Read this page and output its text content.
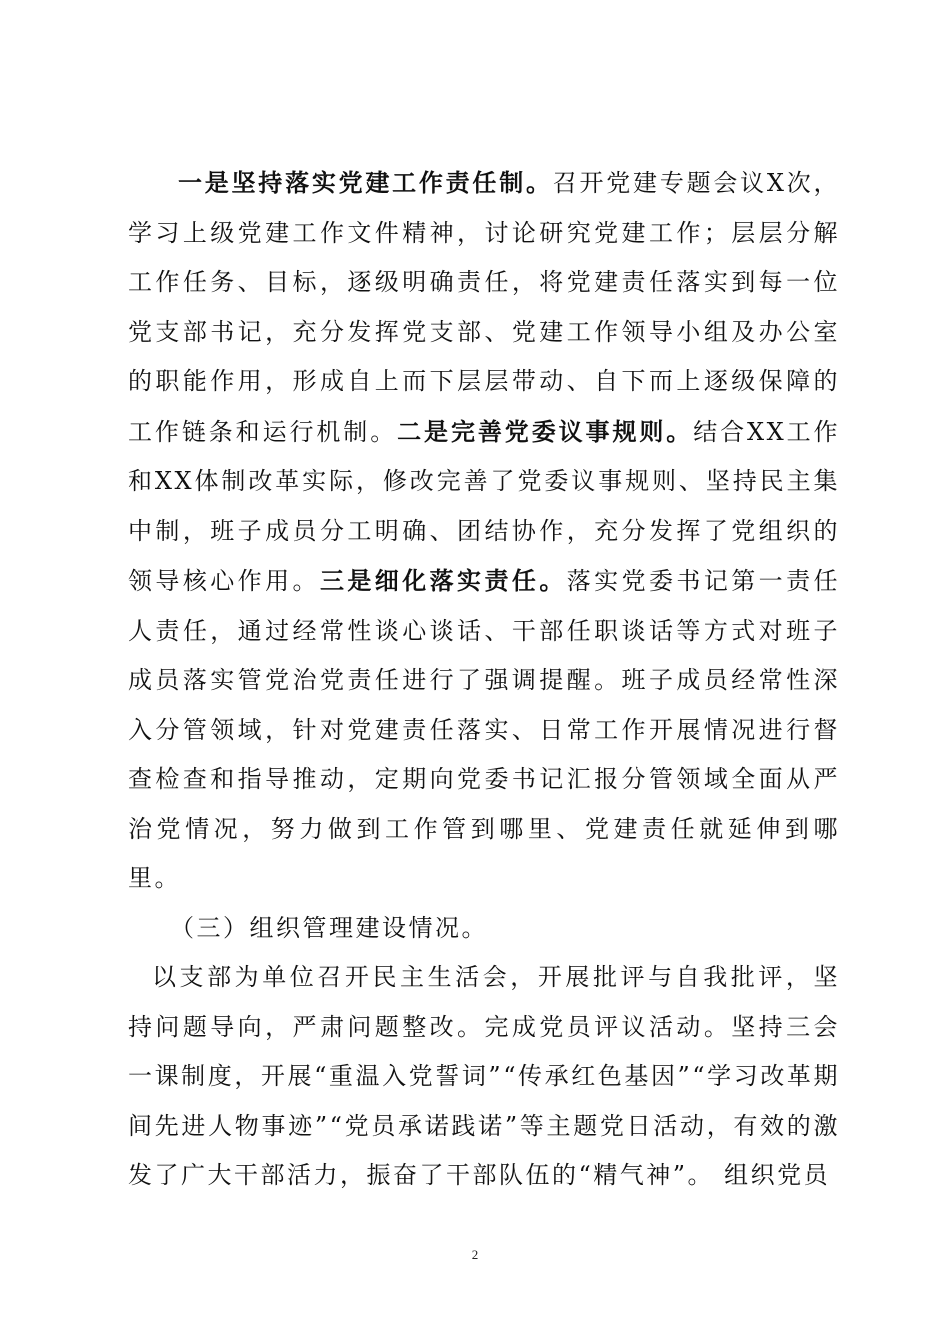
一是坚持落实党建工作责任制。召开党建专题会议X次，学习上级党建工作文件精神，讨论研究党建工作；层层分解工作任务、目标，逐级明确责任，将党建责任落实到每一位党支部书记，充分发挥党支部、党建工作领导小组及办公室的职能作用，形成自上而下层层带动、自下而上逐级保障的工作链条和运行机制。二是完善党委议事规则。结合XX工作和XX体制改革实际，修改完善了党委议事规则、坚持民主集中制，班子成员分工明确、团结协作，充分发挥了党组织的领导核心作用。三是细化落实责任。落实党委书记第一责任人责任，通过经常性谈心谈话、干部任职谈话等方式对班子成员落实管党治党责任进行了强调提醒。班子成员经常性深入分管领域，针对党建责任落实、日常工作开展情况进行督查检查和指导推动，定期向党委书记汇报分管领域全面从严治党情况，努力做到工作管到哪里、党建责任就延伸到哪里。

（三）组织管理建设情况。

以支部为单位召开民主生活会，开展批评与自我批评，坚持问题导向，严肃问题整改。完成党员评议活动。坚持三会一课制度，开展“重温入党誓词”“传承红色基因”“学习改革期间先进人物事迹”“党员承诺践诺”等主题党日活动，有效的激发了广大干部活力，振奋了干部队伍的“精气神”。 组织党员

2
